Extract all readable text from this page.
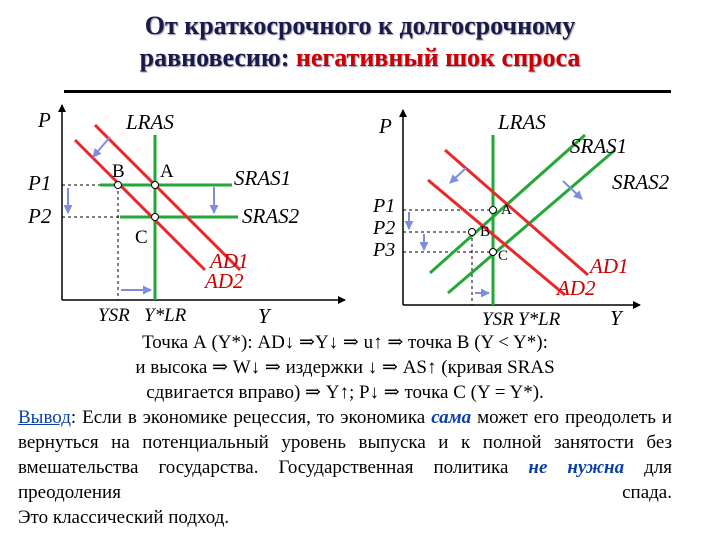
От краткосрочного к долгосрочному
равновесию: негативный шок спроса
P	LRAS
P1
P2
B A
C
SRAS1
SRAS2
AD1
AD2
YSR Y*LR	Y
P	LRAS
SRAS1
SRAS2
P1
P2
P3
A
B
C	AD1
AD2
YSR Y*LR Y
Точка А (Y*): AD↓ ⇒Y↓ ⇒ u↑ ⇒ точка В (Y < Y*):
и высока ⇒ W↓ ⇒ издержки ↓ ⇒ AS↑ (кривая SRAS
сдвигается вправо) ⇒ Y↑; P↓ ⇒ точка С (Y = Y*).
Вывод: Если в экономике рецессия, то экономика сама может его преодолеть и вернуться на потенциальный уровень выпуска и к полной занятости без вмешательства государства. Государственная политика не нужна для преодоления спада.
Это классический подход.
